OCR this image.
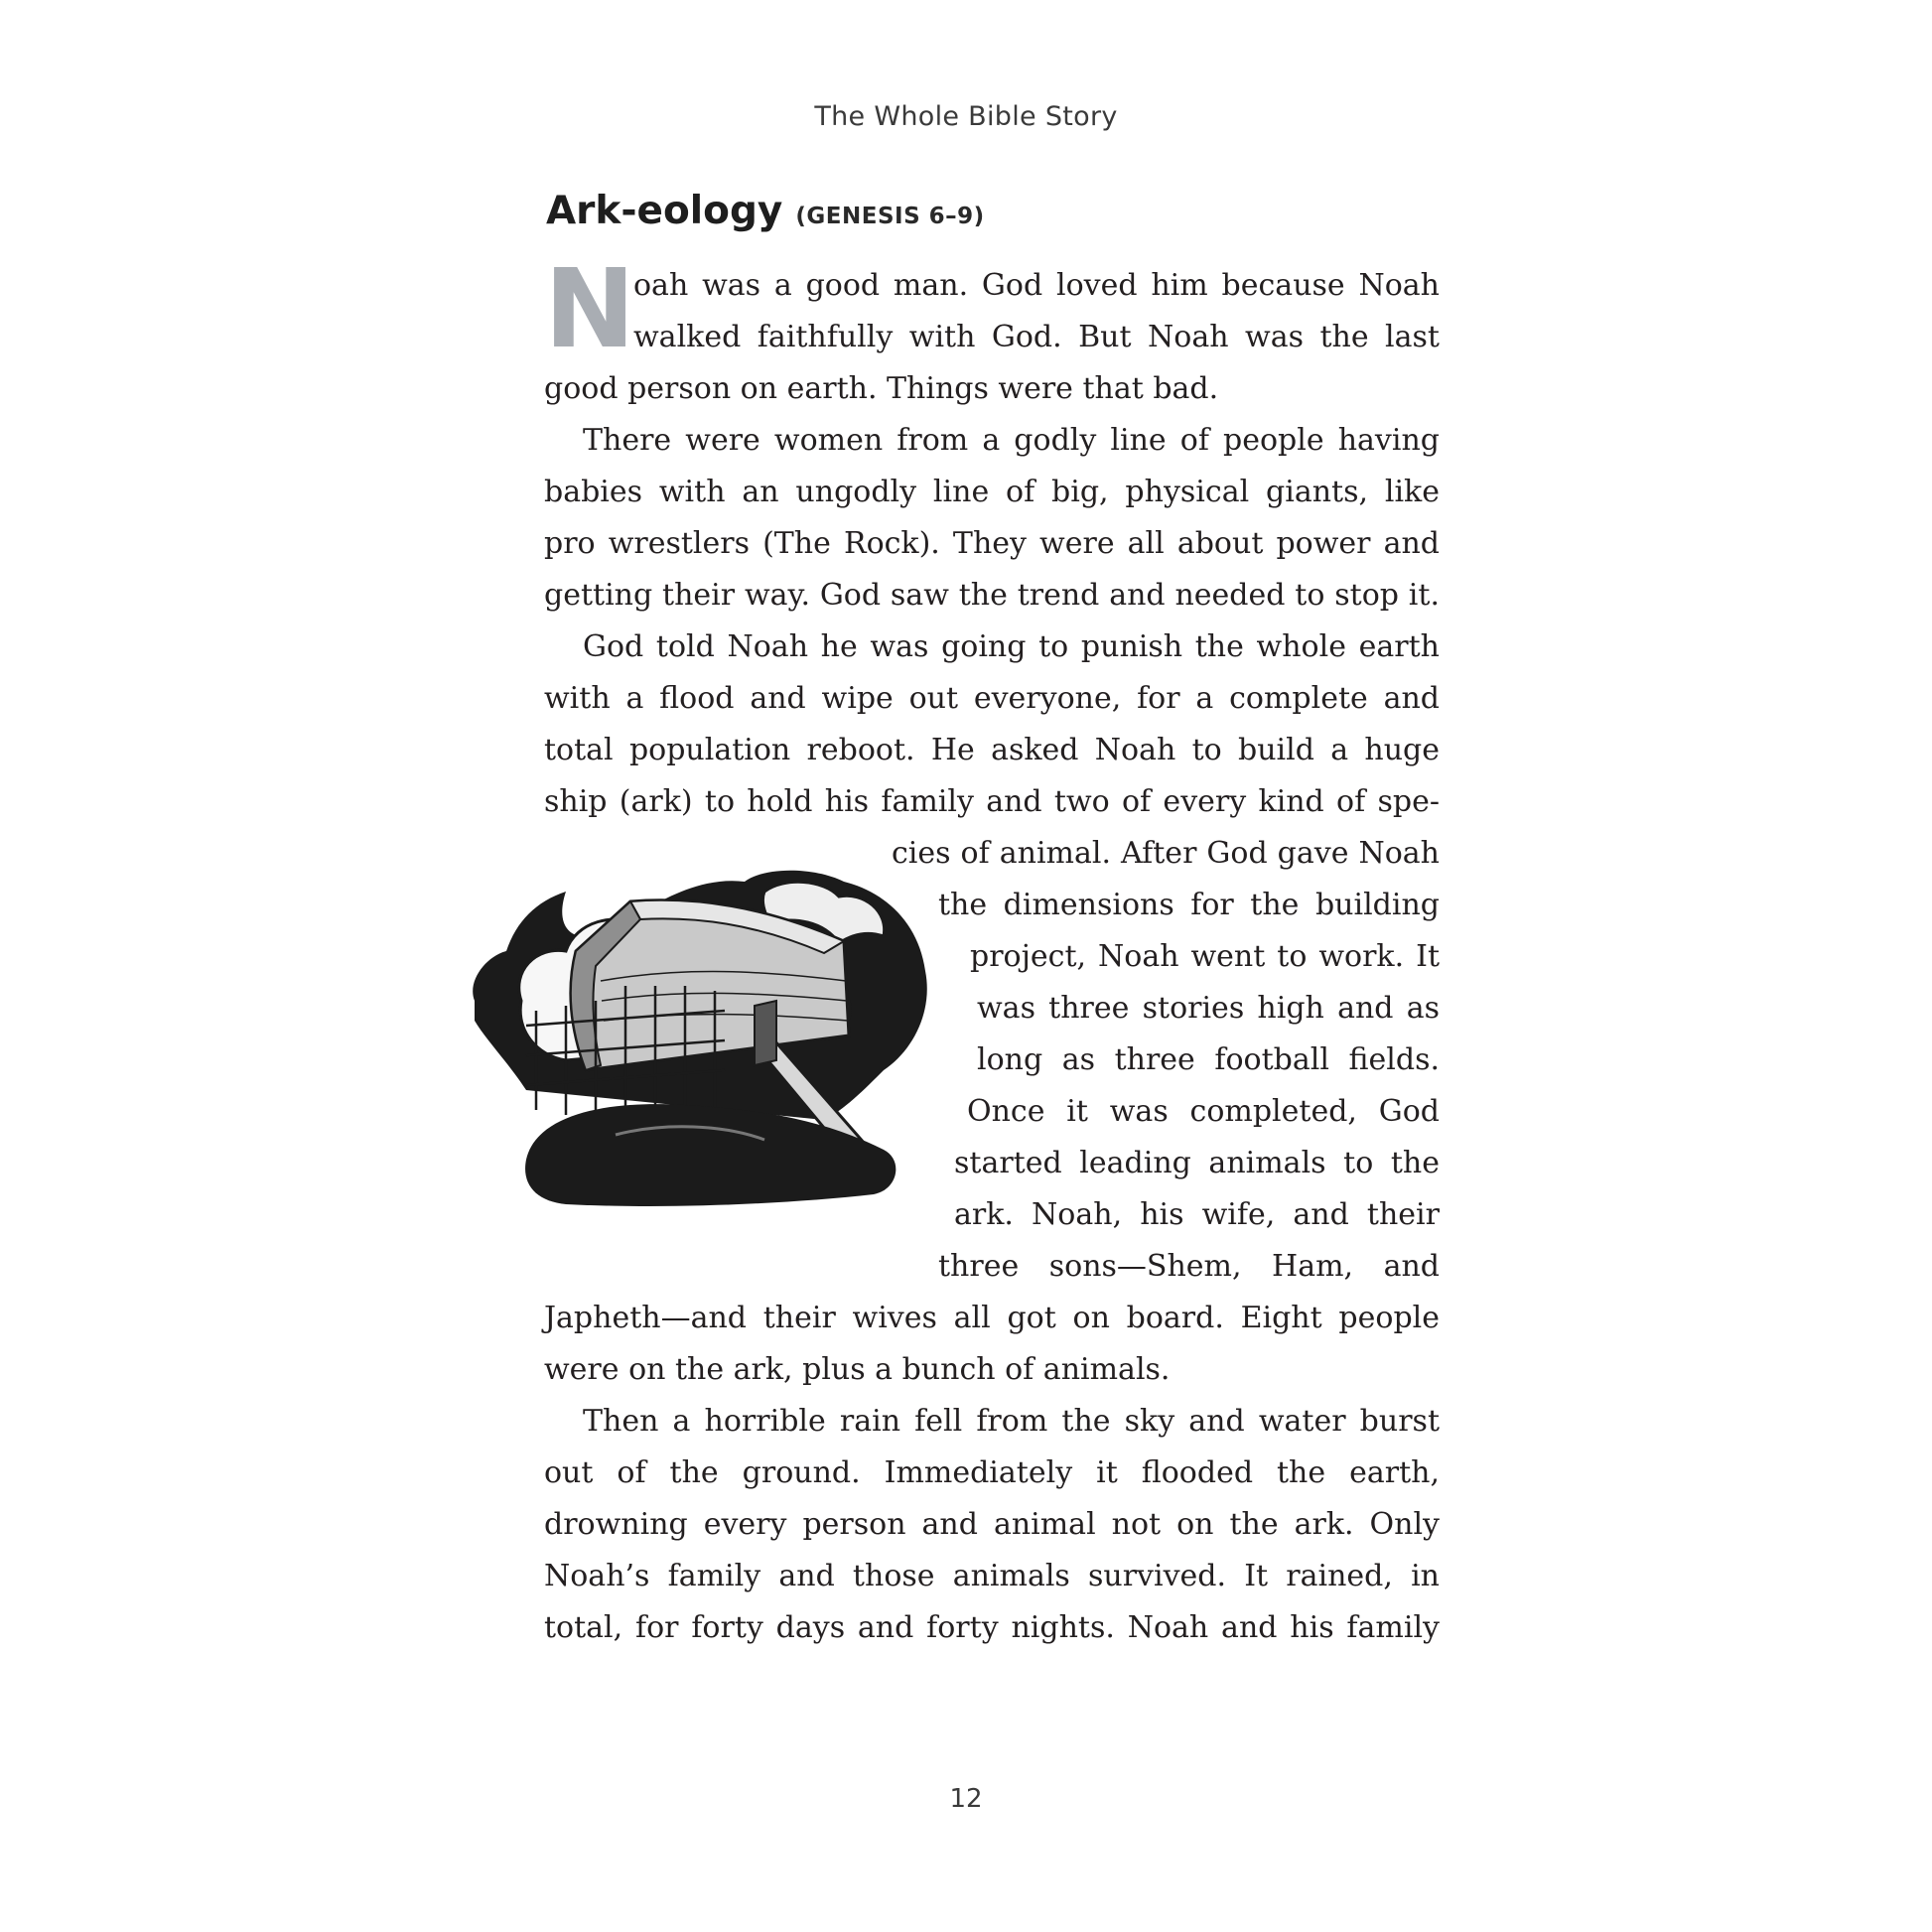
The Whole Bible Story
Ark-eology (GENESIS 6–9)
N
oah was a good man. God loved him because Noah
walked faithfully with God. But Noah was the last
good person on earth. Things were that bad.
There were women from a godly line of people having
babies with an ungodly line of big, physical giants, like
pro wrestlers (The Rock). They were all about power and
getting their way. God saw the trend and needed to stop it.
God told Noah he was going to punish the whole earth
with a flood and wipe out everyone, for a complete and
total population reboot. He asked Noah to build a huge
ship (ark) to hold his family and two of every kind of spe-
cies of animal. After God gave Noah
the dimensions for the building
project, Noah went to work. It
was three stories high and as
long as three football fields.
Once it was completed, God
started leading animals to the
ark. Noah, his wife, and their
three sons—Shem, Ham, and
Japheth—and their wives all got on board. Eight people
were on the ark, plus a bunch of animals.
Then a horrible rain fell from the sky and water burst
out of the ground. Immediately it flooded the earth,
drowning every person and animal not on the ark. Only
Noah’s family and those animals survived. It rained, in
total, for forty days and forty nights. Noah and his family
12
